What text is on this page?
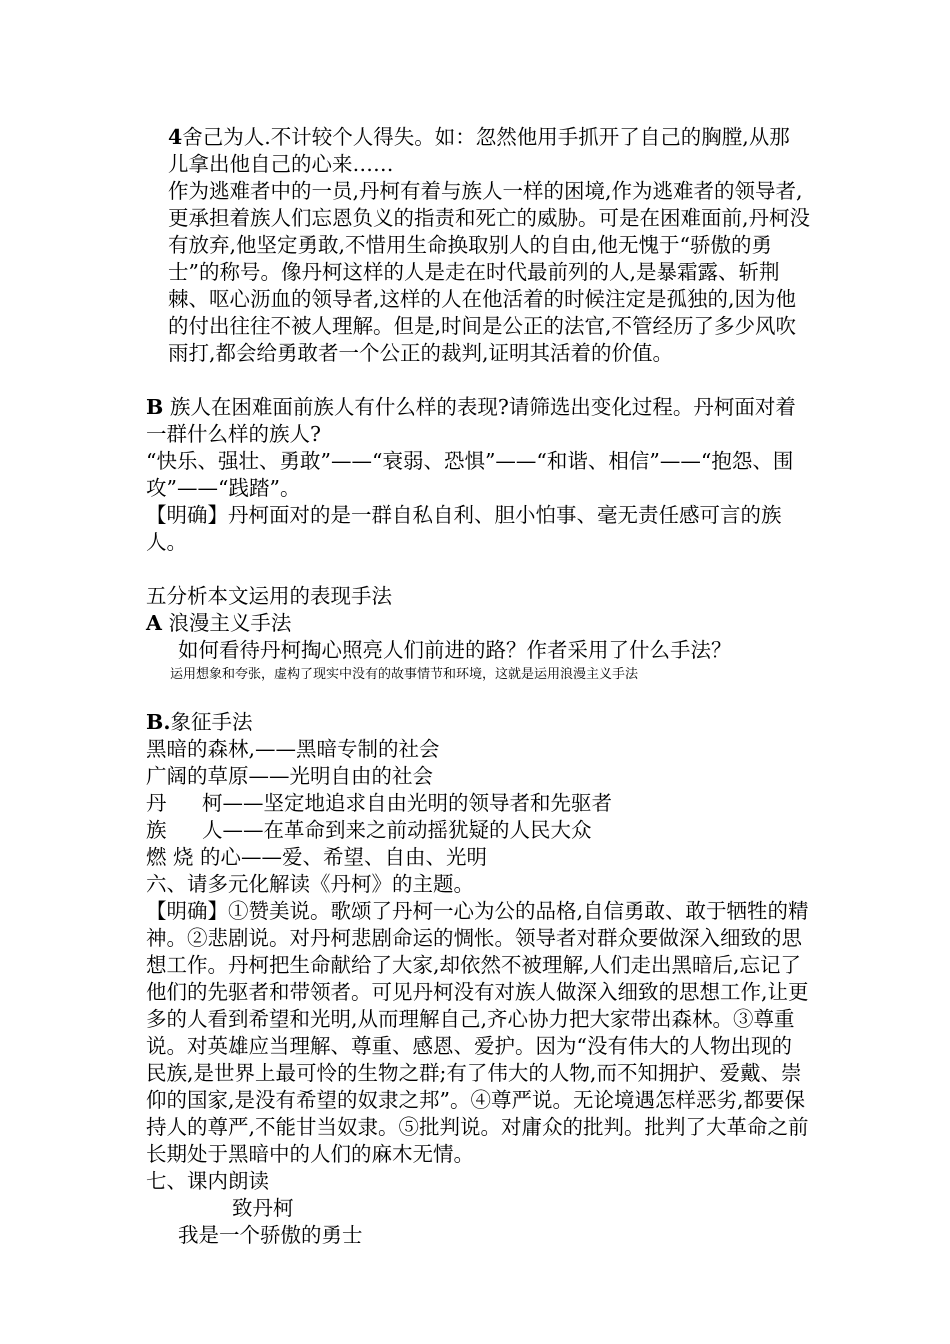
4舍己为人.不计较个人得失。如：忽然他用手抓开了自己的胸膛,从那儿拿出他自己的心来……

作为逃难者中的一员,丹柯有着与族人一样的困境,作为逃难者的领导者,更承担着族人们忘恩负义的指责和死亡的威胁。可是在困难面前,丹柯没有放弃,他坚定勇敢,不惜用生命换取别人的自由,他无愧于“骄傲的勇士”的称号。像丹柯这样的人是走在时代最前列的人,是暴霜露、斩荆棘、呕心沥血的领导者,这样的人在他活着的时候注定是孤独的,因为他的付出往往不被人理解。但是,时间是公正的法官,不管经历了多少风吹雨打,都会给勇敢者一个公正的裁判,证明其活着的价值。

B 族人在困难面前族人有什么样的表现?请筛选出变化过程。丹柯面对着一群什么样的族人?

“快乐、强壮、勇敢”——“衰弱、恐惧”——“和谐、相信”——“抱怨、围攻”——“践踏”。

【明确】丹柯面对的是一群自私自利、胆小怕事、毫无责任感可言的族人。

五分析本文运用的表现手法

A 浪漫主义手法

如何看待丹柯掏心照亮人们前进的路？作者采用了什么手法？

运用想象和夸张，虚构了现实中没有的故事情节和环境，这就是运用浪漫主义手法

B.象征手法

黑暗的森林,——黑暗专制的社会

广阔的草原——光明自由的社会

丹 柯——坚定地追求自由光明的领导者和先驱者

族 人——在革命到来之前动摇犹疑的人民大众

燃 烧 的心——爱、希望、自由、光明

六、请多元化解读《丹柯》的主题。

【明确】①赞美说。歌颂了丹柯一心为公的品格,自信勇敢、敢于牺牲的精神。②悲剧说。对丹柯悲剧命运的惆怅。领导者对群众要做深入细致的思想工作。丹柯把生命献给了大家,却依然不被理解,人们走出黑暗后,忘记了他们的先驱者和带领者。可见丹柯没有对族人做深入细致的思想工作,让更多的人看到希望和光明,从而理解自己,齐心协力把大家带出森林。③尊重说。对英雄应当理解、尊重、感恩、爱护。因为“没有伟大的人物出现的民族,是世界上最可怜的生物之群;有了伟大的人物,而不知拥护、爱戴、崇仰的国家,是没有希望的奴隶之邦”。④尊严说。无论境遇怎样恶劣,都要保持人的尊严,不能甘当奴隶。⑤批判说。对庸众的批判。批判了大革命之前长期处于黑暗中的人们的麻木无情。

七、课内朗读

致丹柯

我是一个骄傲的勇士
